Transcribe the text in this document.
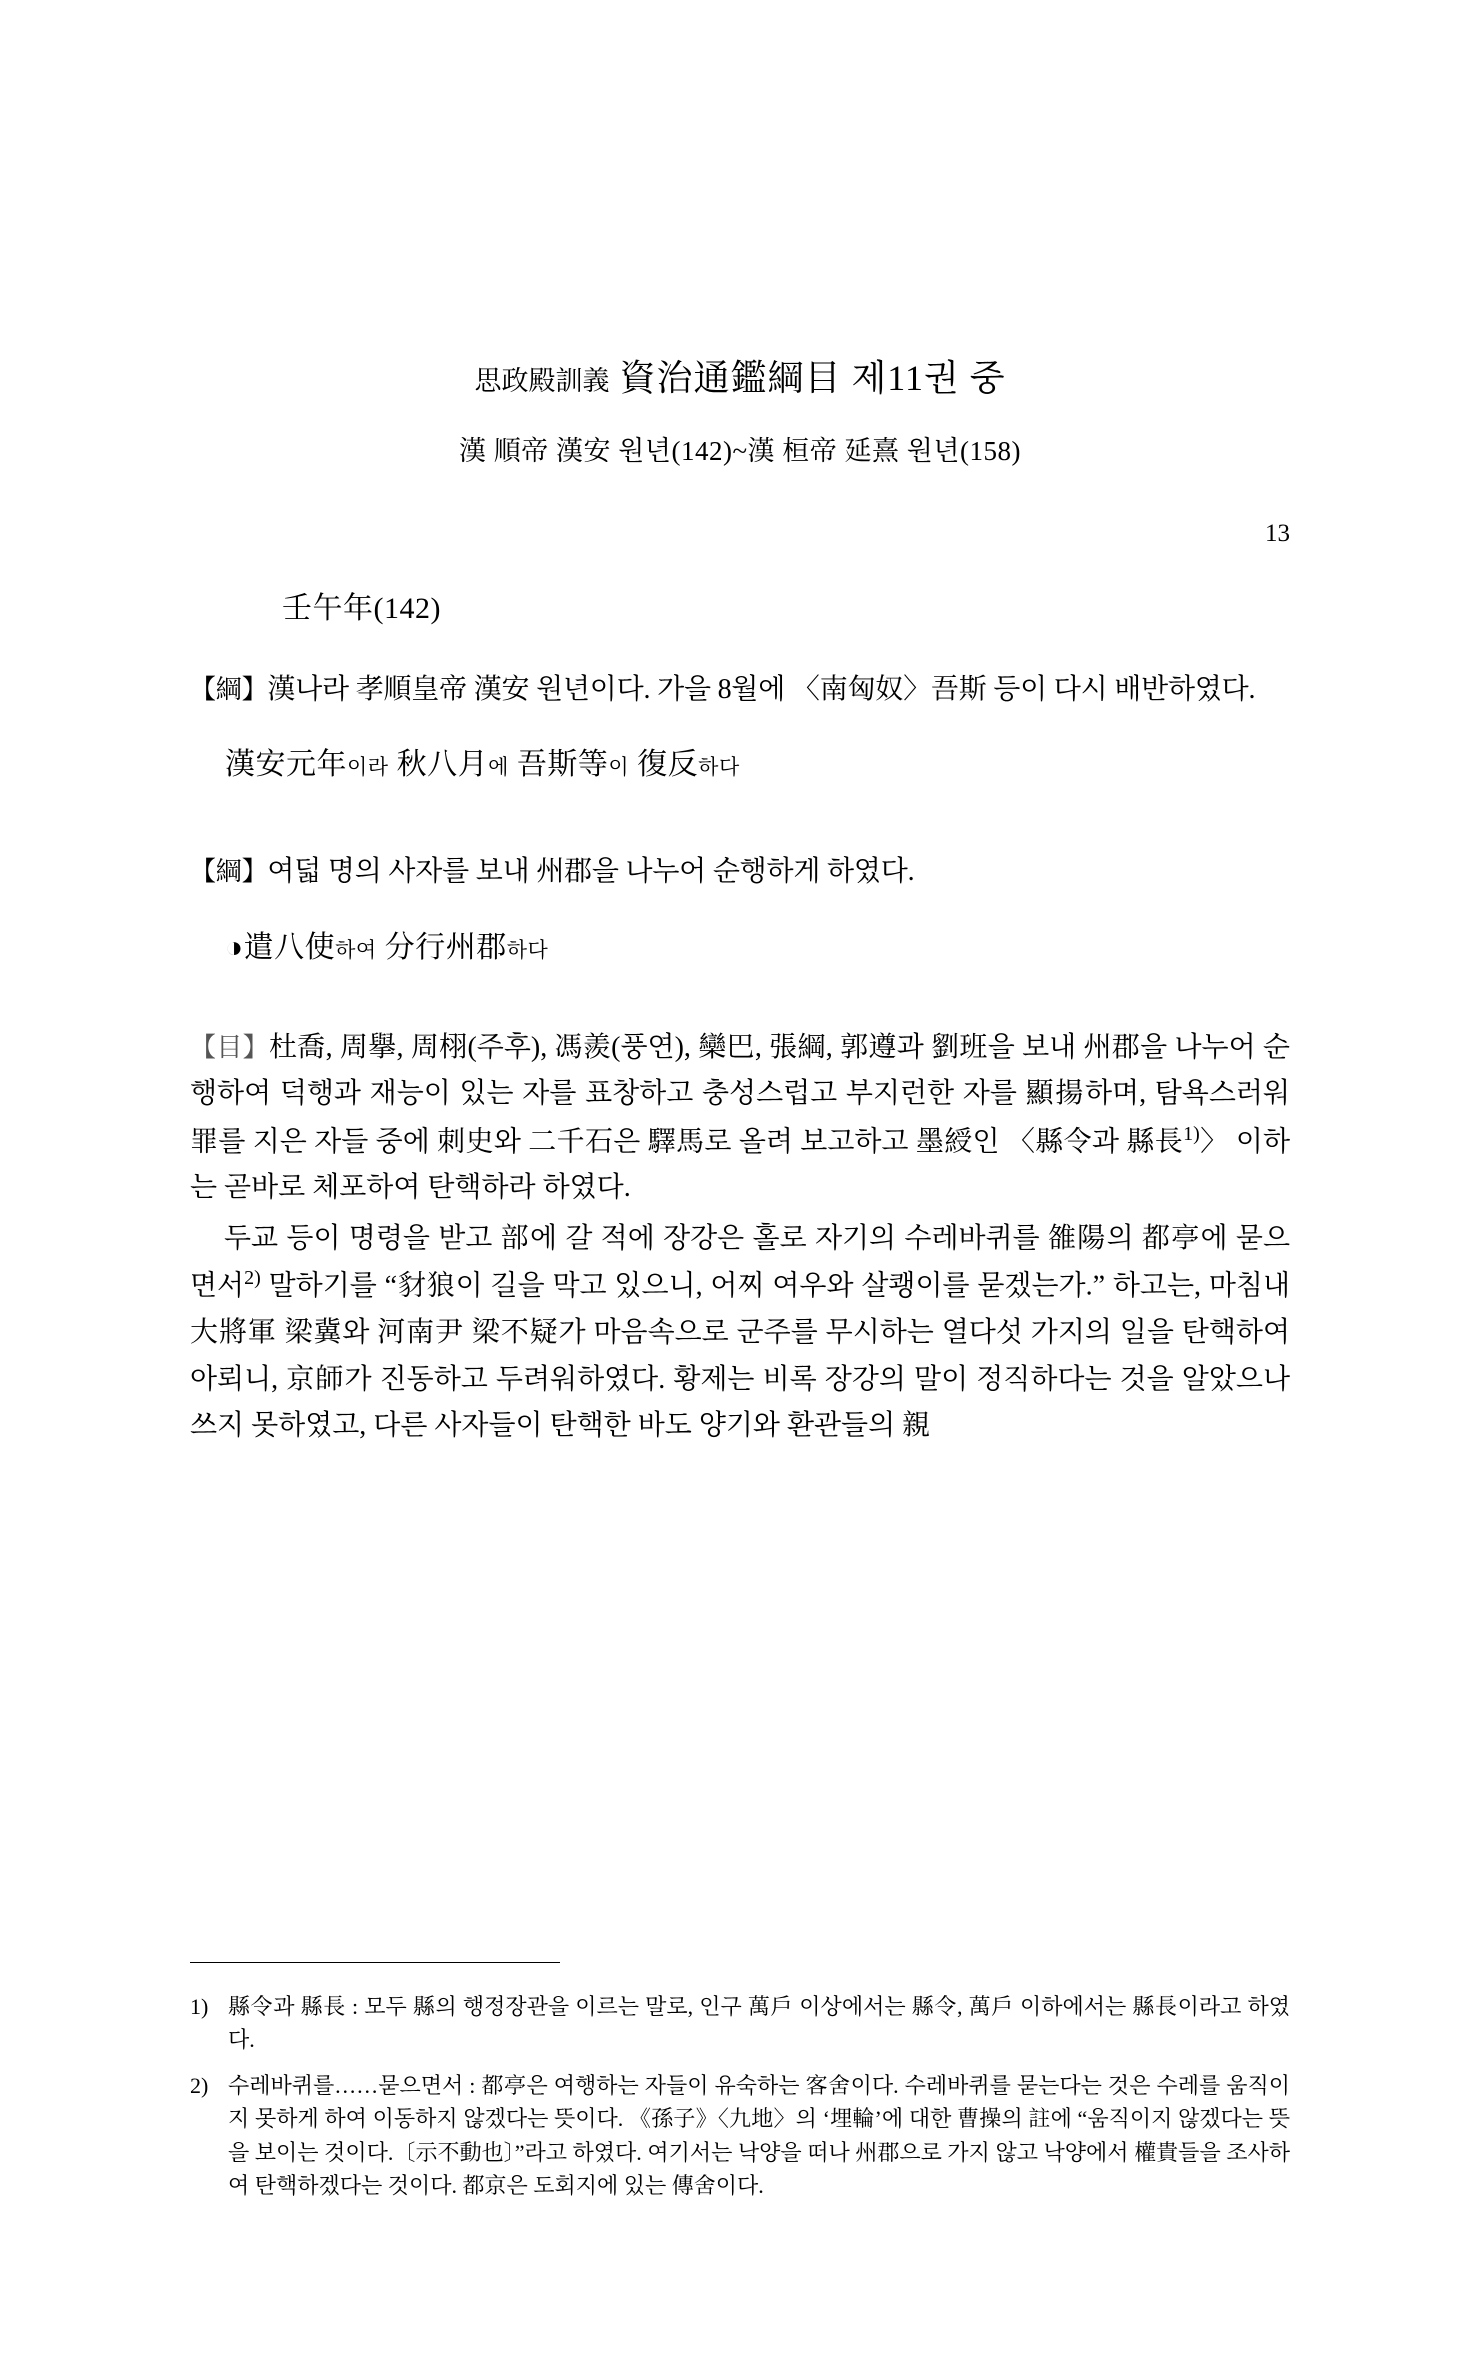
13
思政殿訓義 資治通鑑綱目 제11권 중
漢 順帝 漢安 원년(142)~漢 桓帝 延熹 원년(158)
壬午年(142)
【綱】漢나라 孝順皇帝 漢安 원년이다. 가을 8월에 〈南匈奴〉吾斯 등이 다시 배반하였다.
漢安元年이라 秋八月에 吾斯等이 復反하다
【綱】여덟 명의 사자를 보내 州郡을 나누어 순행하게 하였다.
◑遣八使하여 分行州郡하다
【目】杜喬, 周擧, 周栩(주후), 馮羨(풍연), 欒巴, 張綱, 郭遵과 劉班을 보내 州郡을 나누어 순행하여 덕행과 재능이 있는 자를 표창하고 충성스럽고 부지런한 자를 顯揚하며, 탐욕스러워 罪를 지은 자들 중에 刺史와 二千石은 驛馬로 올려 보고하고 墨綬인 〈縣令과 縣長$^{1)}$〉 이하는 곧바로 체포하여 탄핵하라 하였다.
두교 등이 명령을 받고 部에 갈 적에 장강은 홀로 자기의 수레바퀴를 雒陽의 都亭에 묻으면서$^{2)}$ 말하기를 “豺狼이 길을 막고 있으니, 어찌 여우와 살쾡이를 묻겠는가.” 하고는, 마침내 大將軍 梁冀와 河南尹 梁不疑가 마음속으로 군주를 무시하는 열다섯 가지의 일을 탄핵하여 아뢰니, 京師가 진동하고 두려워하였다. 황제는 비록 장강의 말이 정직하다는 것을 알았으나 쓰지 못하였고, 다른 사자들이 탄핵한 바도 양기와 환관들의 親
1) 縣令과 縣長 : 모두 縣의 행정장관을 이르는 말로, 인구 萬戶 이상에서는 縣令, 萬戶 이하에서는 縣長이라고 하였다.
2) 수레바퀴를……묻으면서 : 都亭은 여행하는 자들이 유숙하는 客舍이다. 수레바퀴를 묻는다는 것은 수레를 움직이지 못하게 하여 이동하지 않겠다는 뜻이다. 《孫子》〈九地〉의 ‘埋輪’에 대한 曹操의 註에 “움직이지 않겠다는 뜻을 보이는 것이다.〔示不動也〕”라고 하였다. 여기서는 낙양을 떠나 州郡으로 가지 않고 낙양에서 權貴들을 조사하여 탄핵하겠다는 것이다. 都京은 도회지에 있는 傳舍이다.
